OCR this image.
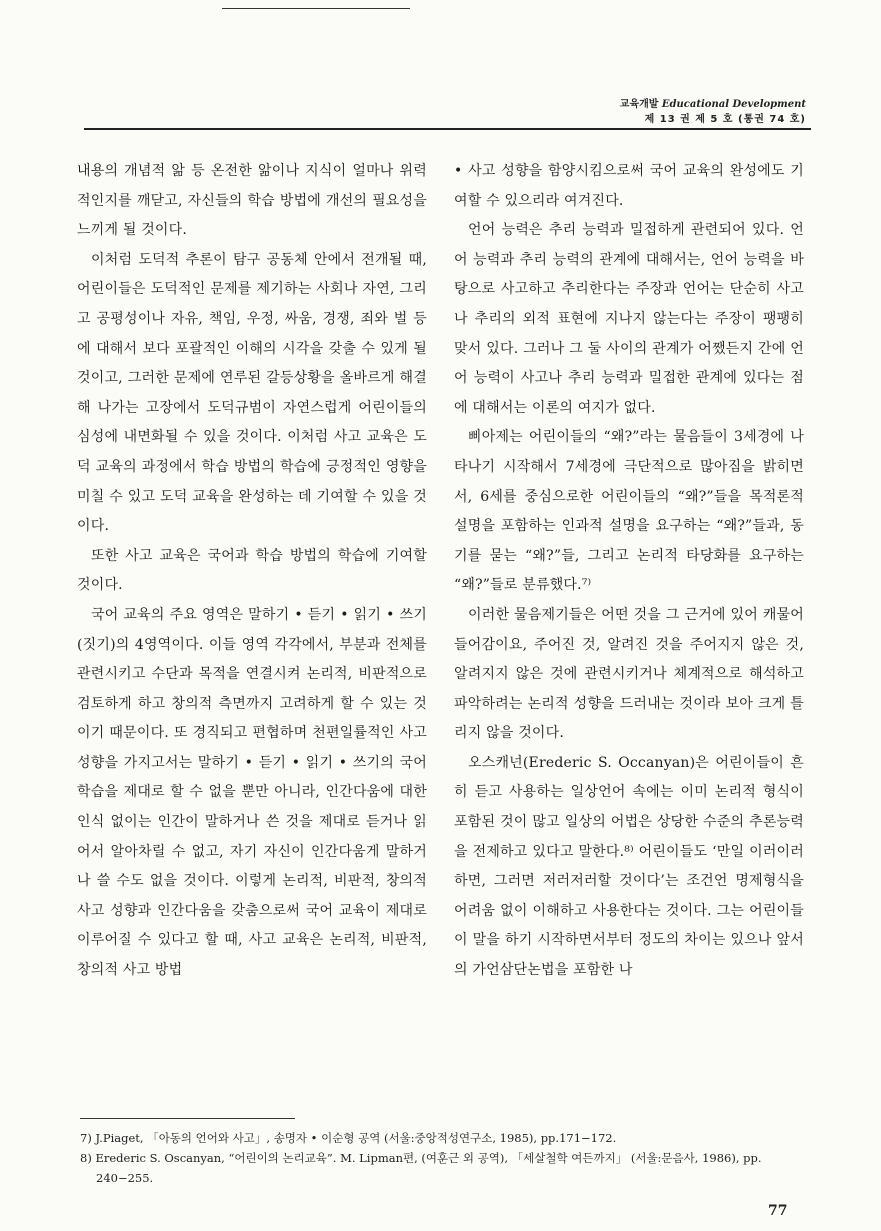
교육개발 Educational Development
제 13 권 제 5 호 (통권 74 호)

내용의 개념적 앎 등 온전한 앎이나 지식이 얼마나 위력적인지를 깨닫고, 자신들의 학습 방법에 개선의 필요성을 느끼게 될 것이다.

이처럼 도덕적 추론이 탐구 공동체 안에서 전개될 때, 어린이들은 도덕적인 문제를 제기하는 사회나 자연, 그리고 공평성이나 자유, 책임, 우정, 싸움, 경쟁, 죄와 벌 등에 대해서 보다 포괄적인 이해의 시각을 갖출 수 있게 될 것이고, 그러한 문제에 연루된 갈등상황을 올바르게 해결해 나가는 고장에서 도덕규범이 자연스럽게 어린이들의 심성에 내면화될 수 있을 것이다. 이처럼 사고 교육은 도덕 교육의 과정에서 학습 방법의 학습에 긍정적인 영향을 미칠 수 있고 도덕 교육을 완성하는 데 기여할 수 있을 것이다.

또한 사고 교육은 국어과 학습 방법의 학습에 기여할 것이다.

국어 교육의 주요 영역은 말하기 • 듣기 • 읽기 • 쓰기(짓기)의 4영역이다. 이들 영역 각각에서, 부분과 전체를 관련시키고 수단과 목적을 연결시켜 논리적, 비판적으로 검토하게 하고 창의적 측면까지 고려하게 할 수 있는 것이기 때문이다. 또 경직되고 편협하며 천편일률적인 사고 성향을 가지고서는 말하기 • 듣기 • 읽기 • 쓰기의 국어 학습을 제대로 할 수 없을 뿐만 아니라, 인간다움에 대한 인식 없이는 인간이 말하거나 쓴 것을 제대로 듣거나 읽어서 알아차릴 수 없고, 자기 자신이 인간다움게 말하거나 쓸 수도 없을 것이다. 이렇게 논리적, 비판적, 창의적 사고 성향과 인간다움을 갖춤으로써 국어 교육이 제대로 이루어질 수 있다고 할 때, 사고 교육은 논리적, 비판적, 창의적 사고 방법

• 사고 성향을 함양시킴으로써 국어 교육의 완성에도 기여할 수 있으리라 여겨진다.

언어 능력은 추리 능력과 밀접하게 관련되어 있다. 언어 능력과 추리 능력의 관계에 대해서는, 언어 능력을 바탕으로 사고하고 추리한다는 주장과 언어는 단순히 사고나 추리의 외적 표현에 지나지 않는다는 주장이 팽팽히 맞서 있다. 그러나 그 둘 사이의 관계가 어쨌든지 간에 언어 능력이 사고나 추리 능력과 밀접한 관계에 있다는 점에 대해서는 이론의 여지가 없다.

삐아제는 어린이들의 “왜?”라는 물음들이 3세경에 나타나기 시작해서 7세경에 극단적으로 많아짐을 밝히면서, 6세를 중심으로한 어린이들의 “왜?”들을 목적론적 설명을 포함하는 인과적 설명을 요구하는 “왜?”들과, 동기를 묻는 “왜?”들, 그리고 논리적 타당화를 요구하는 “왜?”들로 분류했다.⁷⁾

이러한 물음제기들은 어떤 것을 그 근거에 있어 캐물어 들어감이요, 주어진 것, 알려진 것을 주어지지 않은 것, 알려지지 않은 것에 관련시키거나 체계적으로 해석하고 파악하려는 논리적 성향을 드러내는 것이라 보아 크게 틀리지 않을 것이다.

오스캐넌(Erederic S. Occanyan)은 어린이들이 흔히 듣고 사용하는 일상언어 속에는 이미 논리적 형식이 포함된 것이 많고 일상의 어법은 상당한 수준의 추론능력을 전제하고 있다고 말한다.⁸⁾ 어린이들도 ‘만일 이러이러하면, 그러면 저러저러할 것이다’는 조건언 명제형식을 어려움 없이 이해하고 사용한다는 것이다. 그는 어린이들이 말을 하기 시작하면서부터 정도의 차이는 있으나 앞서의 가언삼단논법을 포함한 나

7) J.Piaget, 「아동의 언어와 사고」, 송명자 • 이순형 공역 (서울:중앙적성연구소, 1985), pp.171−172.

8) Erederic S. Oscanyan, “어린이의 논리교육”. M. Lipman편, (여훈근 외 공역), 「세살철학 여든까지」 (서울:문음사, 1986), pp. 240−255.

77
